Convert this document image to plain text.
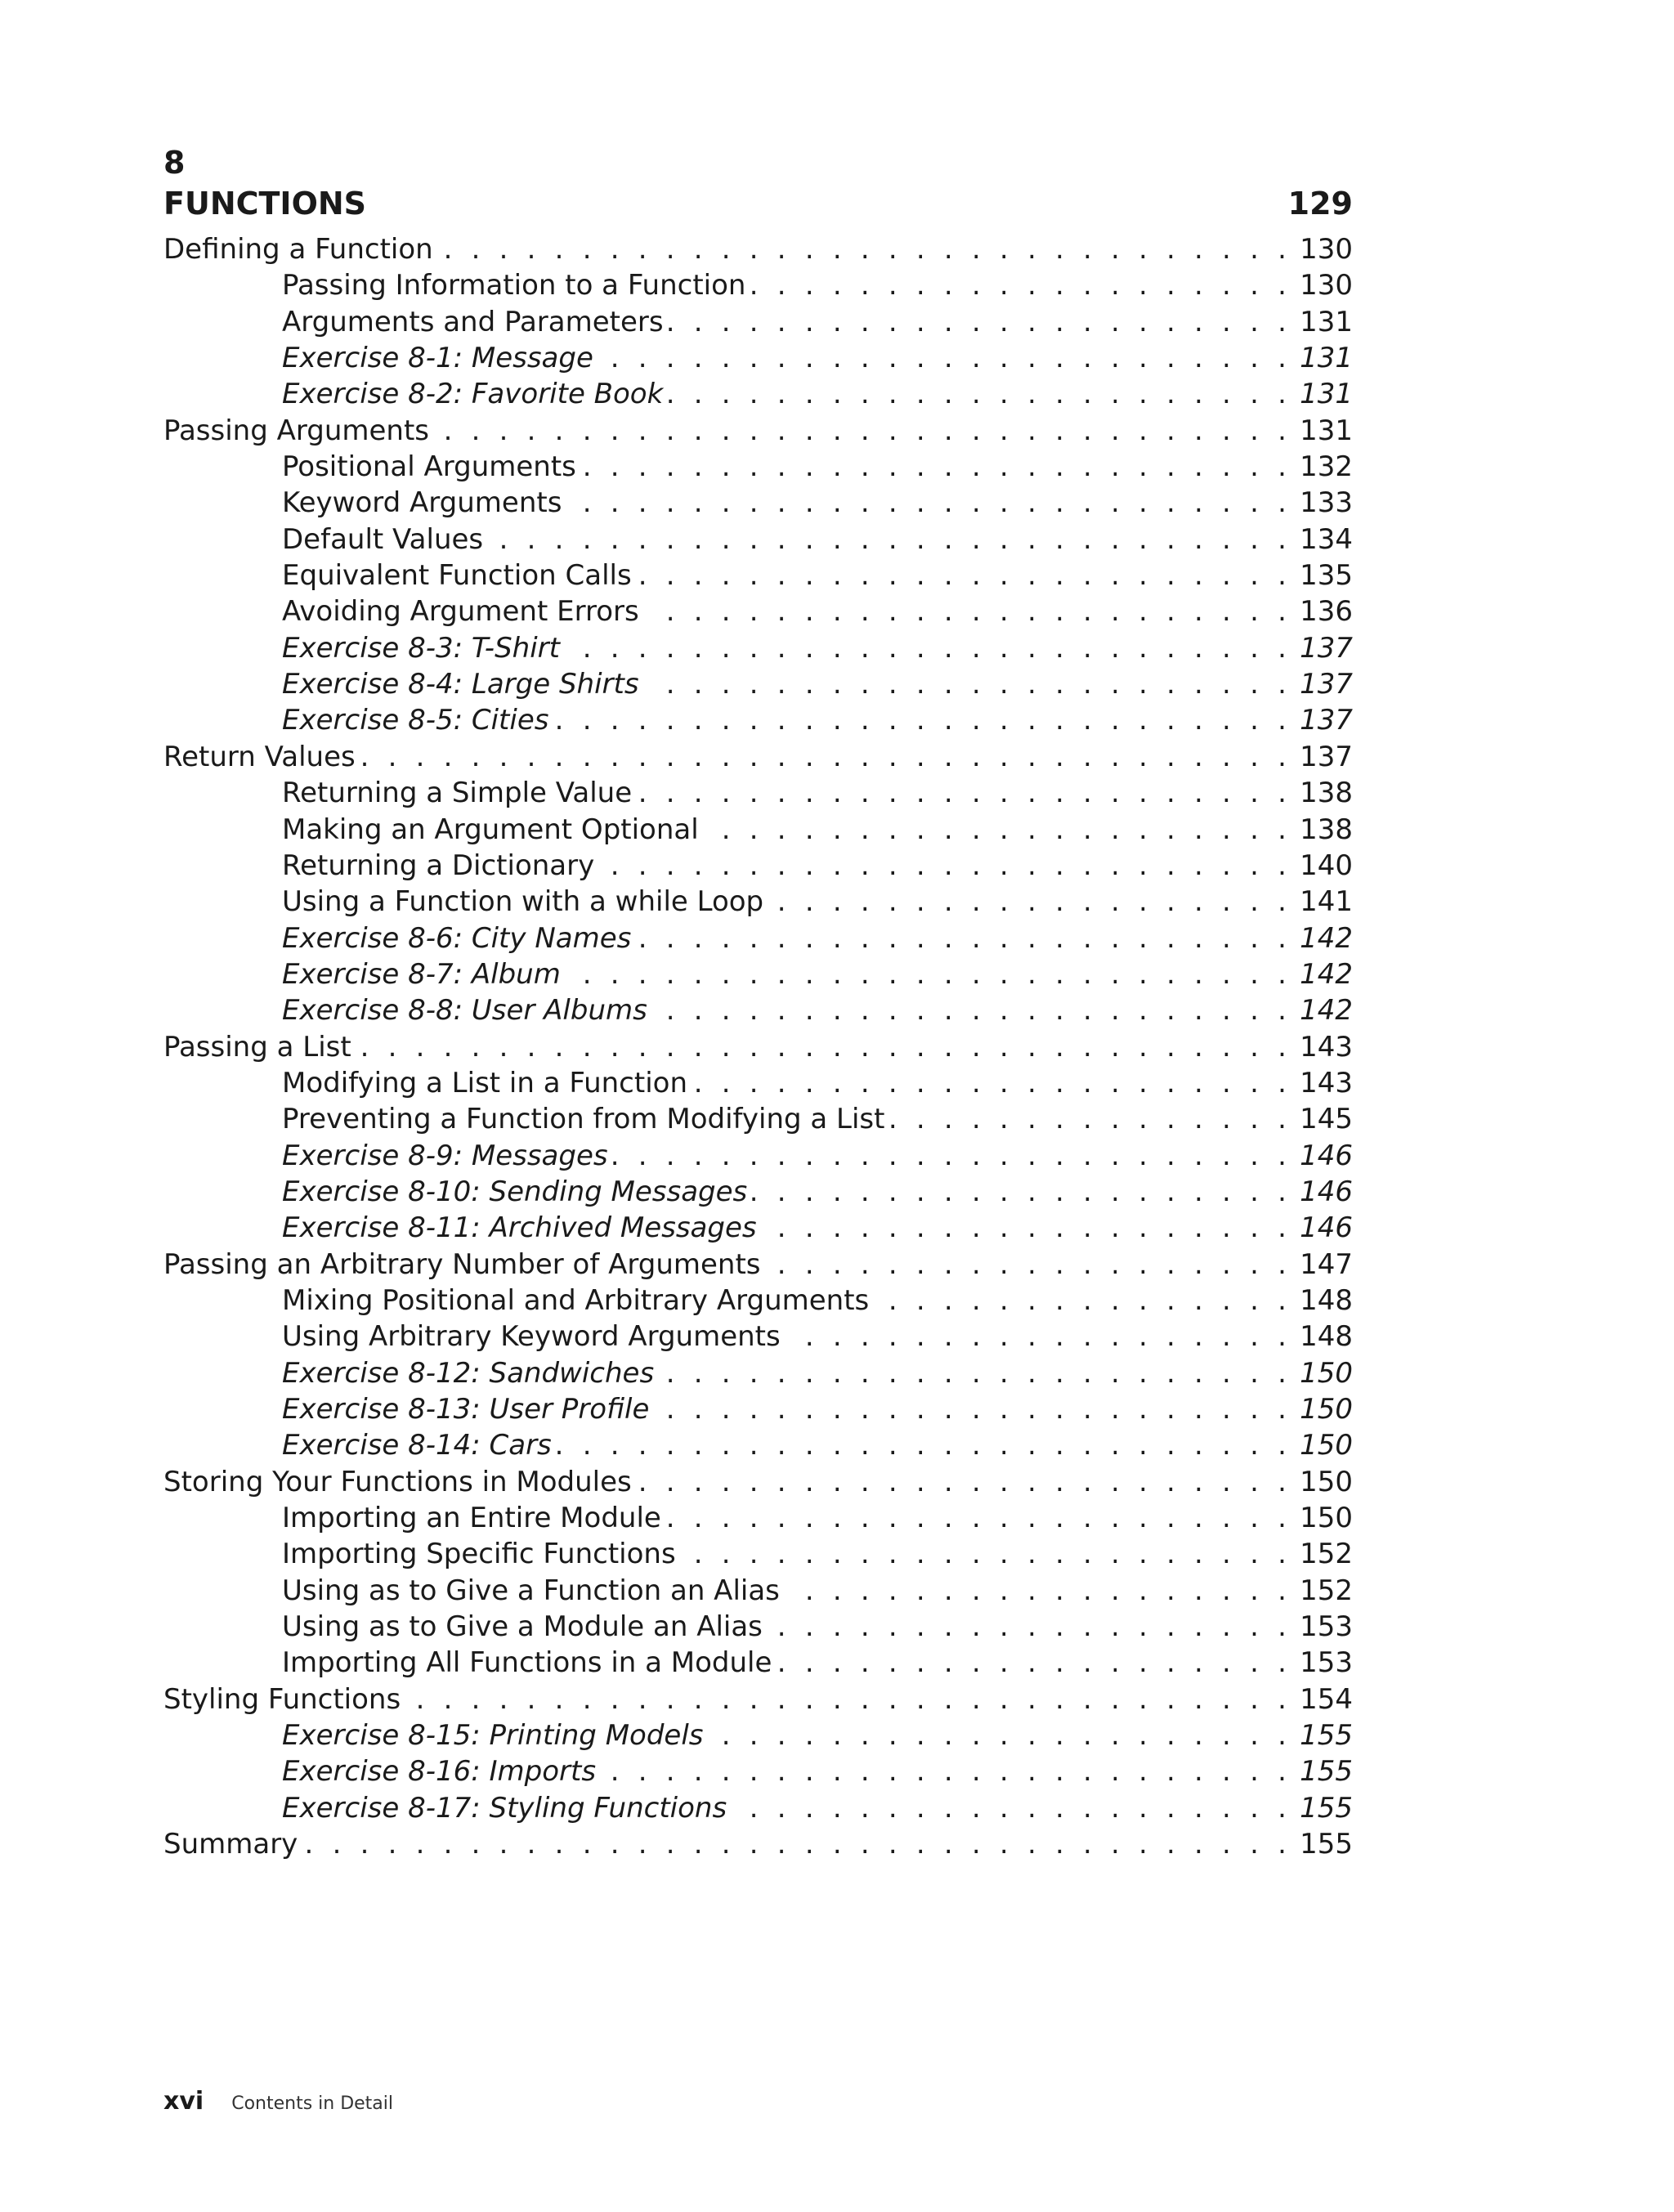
8
FUNCTIONS	129
Defining a Function . . .	130
Passing Information to a Function . . .	130
Arguments and Parameters . . .	131
Exercise 8-1: Message . . .	131
Exercise 8-2: Favorite Book . . .	131
Passing Arguments . . .	131
Positional Arguments . . .	132
Keyword Arguments . . .	133
Default Values . . .	134
Equivalent Function Calls . . .	135
Avoiding Argument Errors . . .	136
Exercise 8-3: T-Shirt . . .	137
Exercise 8-4: Large Shirts . . .	137
Exercise 8-5: Cities . . .	137
Return Values . . .	137
Returning a Simple Value . . .	138
Making an Argument Optional . . .	138
Returning a Dictionary . . .	140
Using a Function with a while Loop . . .	141
Exercise 8-6: City Names . . .	142
Exercise 8-7: Album . . .	142
Exercise 8-8: User Albums . . .	142
Passing a List . . .	143
Modifying a List in a Function . . .	143
Preventing a Function from Modifying a List . . .	145
Exercise 8-9: Messages . . .	146
Exercise 8-10: Sending Messages . . .	146
Exercise 8-11: Archived Messages . . .	146
Passing an Arbitrary Number of Arguments . . .	147
Mixing Positional and Arbitrary Arguments . . .	148
Using Arbitrary Keyword Arguments . . .	148
Exercise 8-12: Sandwiches . . .	150
Exercise 8-13: User Profile . . .	150
Exercise 8-14: Cars . . .	150
Storing Your Functions in Modules . . .	150
Importing an Entire Module . . .	150
Importing Specific Functions . . .	152
Using as to Give a Function an Alias . . .	152
Using as to Give a Module an Alias . . .	153
Importing All Functions in a Module . . .	153
Styling Functions . . .	154
Exercise 8-15: Printing Models . . .	155
Exercise 8-16: Imports . . .	155
Exercise 8-17: Styling Functions . . .	155
Summary . . .	155
xvi Contents in Detail
